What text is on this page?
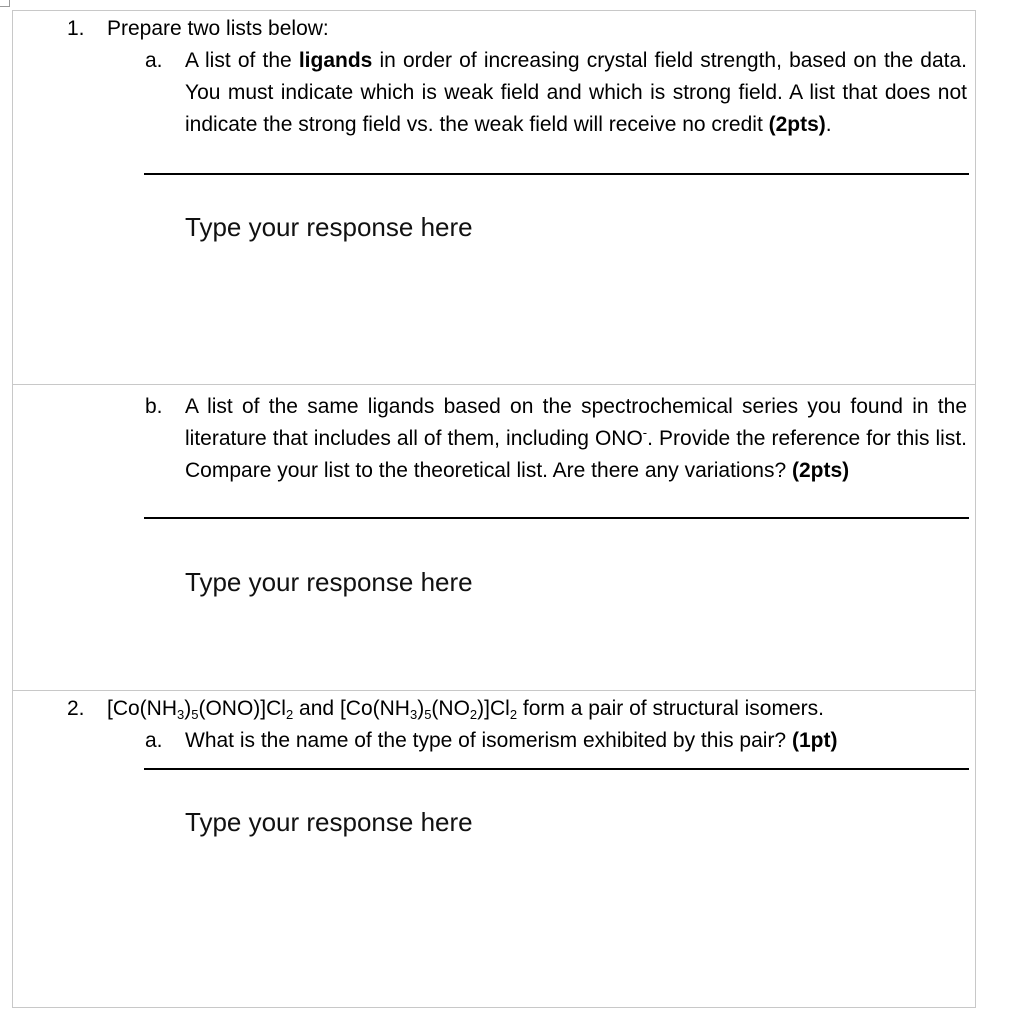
1. Prepare two lists below:
a. A list of the ligands in order of increasing crystal field strength, based on the data. You must indicate which is weak field and which is strong field. A list that does not indicate the strong field vs. the weak field will receive no credit (2pts).
Type your response here
b. A list of the same ligands based on the spectrochemical series you found in the literature that includes all of them, including ONO-. Provide the reference for this list. Compare your list to the theoretical list. Are there any variations? (2pts)
Type your response here
2. $[Co(NH_3)_5(ONO)]Cl_2$ and $[Co(NH_3)_5(NO_2)]Cl_2$ form a pair of structural isomers.
a. What is the name of the type of isomerism exhibited by this pair? (1pt)
Type your response here
